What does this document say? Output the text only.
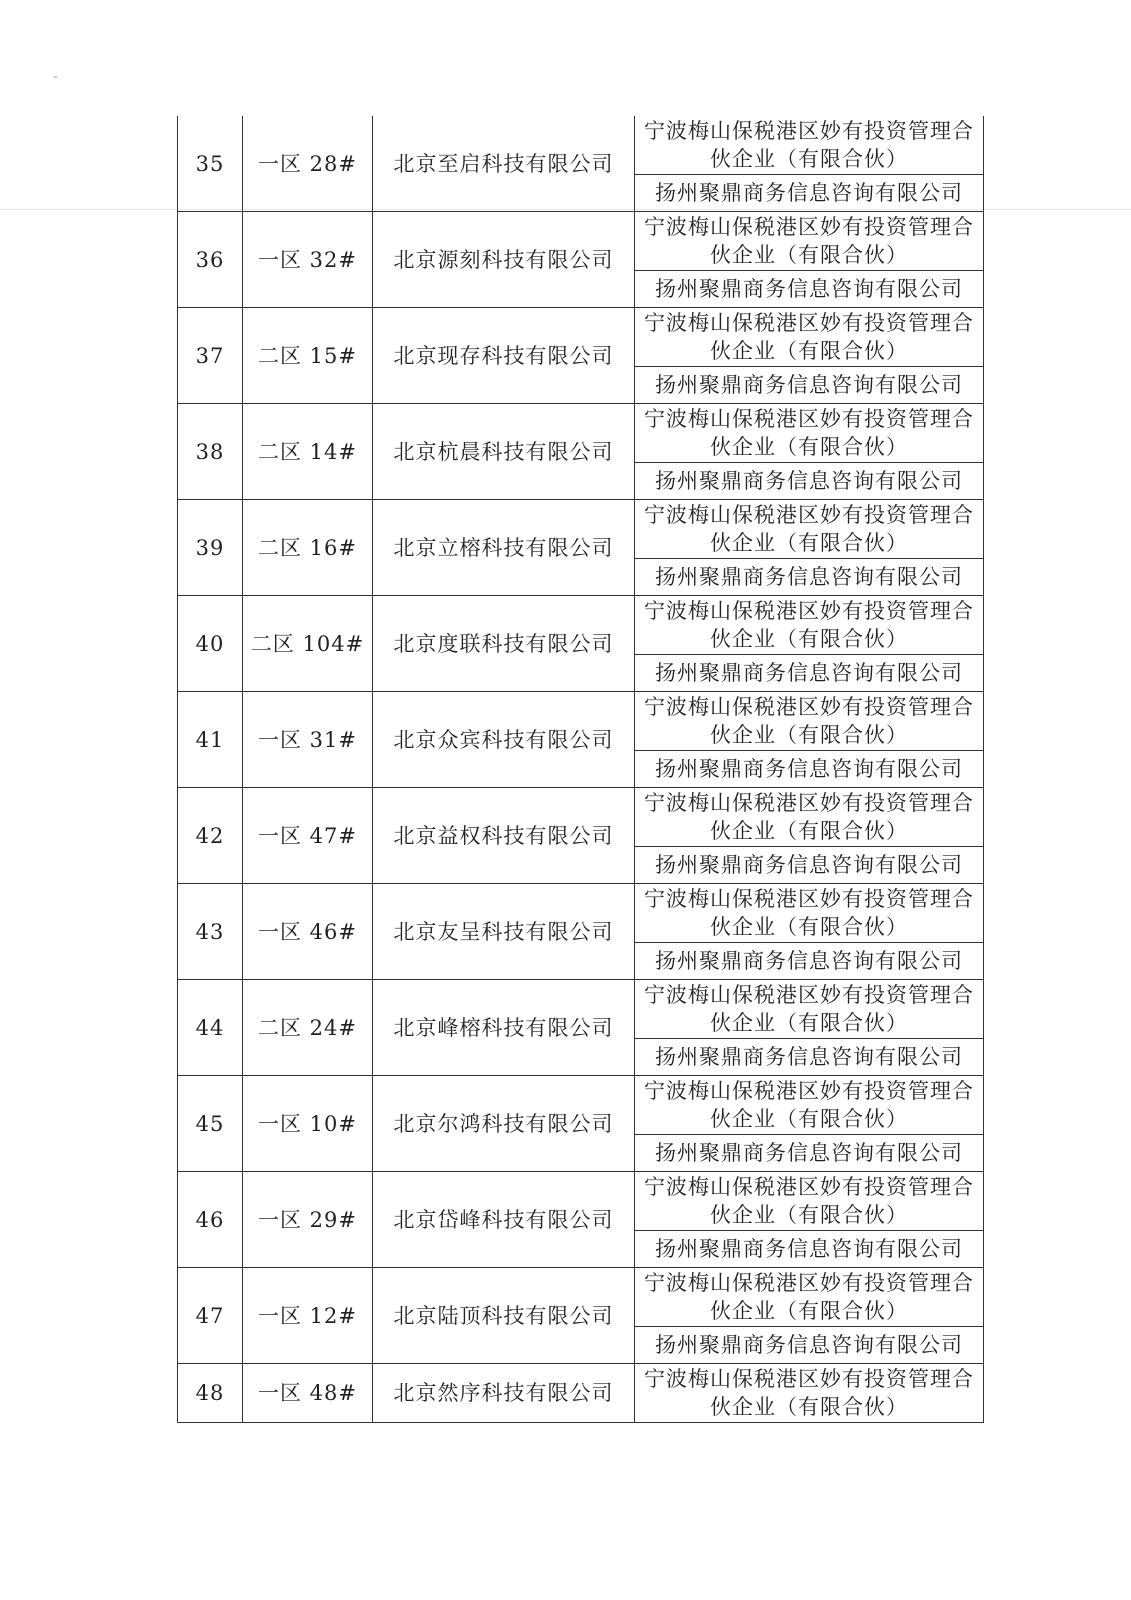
35	一区 28#	北京至启科技有限公司	宁波梅山保税港区妙有投资管理合伙企业（有限合伙）
			扬州聚鼎商务信息咨询有限公司
36	一区 32#	北京源刻科技有限公司	宁波梅山保税港区妙有投资管理合伙企业（有限合伙）
			扬州聚鼎商务信息咨询有限公司
37	二区 15#	北京现存科技有限公司	宁波梅山保税港区妙有投资管理合伙企业（有限合伙）
			扬州聚鼎商务信息咨询有限公司
38	二区 14#	北京杭晨科技有限公司	宁波梅山保税港区妙有投资管理合伙企业（有限合伙）
			扬州聚鼎商务信息咨询有限公司
39	二区 16#	北京立榕科技有限公司	宁波梅山保税港区妙有投资管理合伙企业（有限合伙）
			扬州聚鼎商务信息咨询有限公司
40	二区 104#	北京度联科技有限公司	宁波梅山保税港区妙有投资管理合伙企业（有限合伙）
			扬州聚鼎商务信息咨询有限公司
41	一区 31#	北京众宾科技有限公司	宁波梅山保税港区妙有投资管理合伙企业（有限合伙）
			扬州聚鼎商务信息咨询有限公司
42	一区 47#	北京益权科技有限公司	宁波梅山保税港区妙有投资管理合伙企业（有限合伙）
			扬州聚鼎商务信息咨询有限公司
43	一区 46#	北京友呈科技有限公司	宁波梅山保税港区妙有投资管理合伙企业（有限合伙）
			扬州聚鼎商务信息咨询有限公司
44	二区 24#	北京峰榕科技有限公司	宁波梅山保税港区妙有投资管理合伙企业（有限合伙）
			扬州聚鼎商务信息咨询有限公司
45	一区 10#	北京尔鸿科技有限公司	宁波梅山保税港区妙有投资管理合伙企业（有限合伙）
			扬州聚鼎商务信息咨询有限公司
46	一区 29#	北京岱峰科技有限公司	宁波梅山保税港区妙有投资管理合伙企业（有限合伙）
			扬州聚鼎商务信息咨询有限公司
47	一区 12#	北京陆顶科技有限公司	宁波梅山保税港区妙有投资管理合伙企业（有限合伙）
			扬州聚鼎商务信息咨询有限公司
48	一区 48#	北京然序科技有限公司	宁波梅山保税港区妙有投资管理合伙企业（有限合伙）
